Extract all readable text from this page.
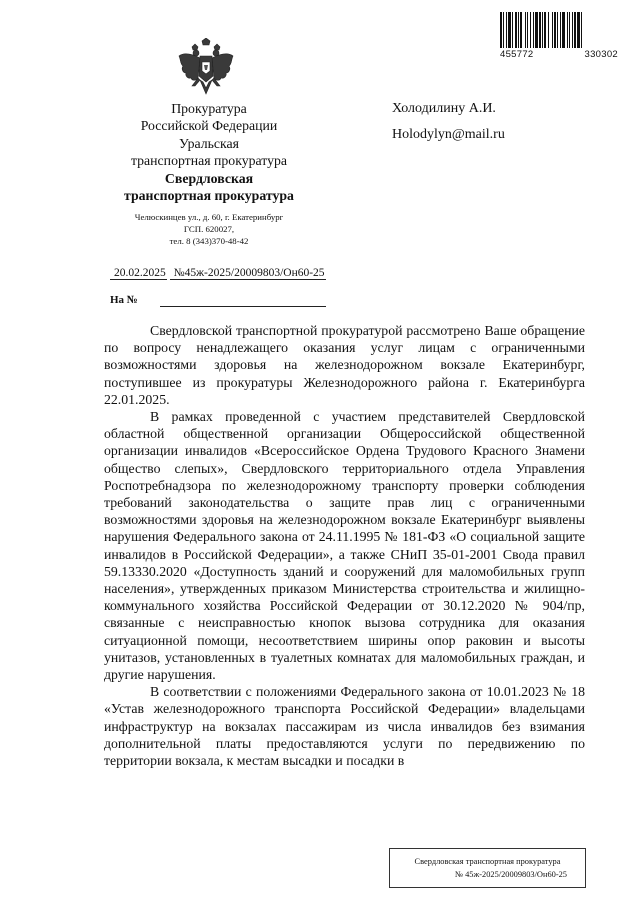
455772	330302
Прокуратура
Российской Федерации
Уральская
транспортная прокуратура
Свердловская
транспортная прокуратура
Челюскинцев ул., д. 60, г. Екатеринбург
ГСП. 620027,
тел. 8 (343)370-48-42
Холодилину А.И.
Holodylyn@mail.ru
20.02.2025 №45ж-2025/20009803/Он60-25
На №

Свердловской транспортной прокуратурой рассмотрено Ваше обращение по вопросу ненадлежащего оказания услуг лицам с ограниченными возможностями здоровья на железнодорожном вокзале Екатеринбург, поступившее из прокуратуры Железнодорожного района г. Екатеринбурга 22.01.2025.

В рамках проведенной с участием представителей Свердловской областной общественной организации Общероссийской общественной организации инвалидов «Всероссийское Ордена Трудового Красного Знамени общество слепых», Свердловского территориального отдела Управления Роспотребнадзора по железнодорожному транспорту проверки соблюдения требований законодательства о защите прав лиц с ограниченными возможностями здоровья на железнодорожном вокзале Екатеринбург выявлены нарушения Федерального закона от 24.11.1995 № 181-ФЗ «О социальной защите инвалидов в Российской Федерации», а также СНиП 35-01-2001 Свода правил 59.13330.2020 «Доступность зданий и сооружений для маломобильных групп населения», утвержденных приказом Министерства строительства и жилищно-коммунального хозяйства Российской Федерации от 30.12.2020 № 904/пр, связанные с неисправностью кнопок вызова сотрудника для оказания ситуационной помощи, несоответствием ширины опор раковин и высоты унитазов, установленных в туалетных комнатах для маломобильных граждан, и другие нарушения.

В соответствии с положениями Федерального закона от 10.01.2023 № 18 «Устав железнодорожного транспорта Российской Федерации» владельцами инфраструктур на вокзалах пассажирам из числа инвалидов без взимания дополнительной платы предоставляются услуги по передвижению по территории вокзала, к местам высадки и посадки в

Свердловская транспортная прокуратура
№ 45ж-2025/20009803/Он60-25
